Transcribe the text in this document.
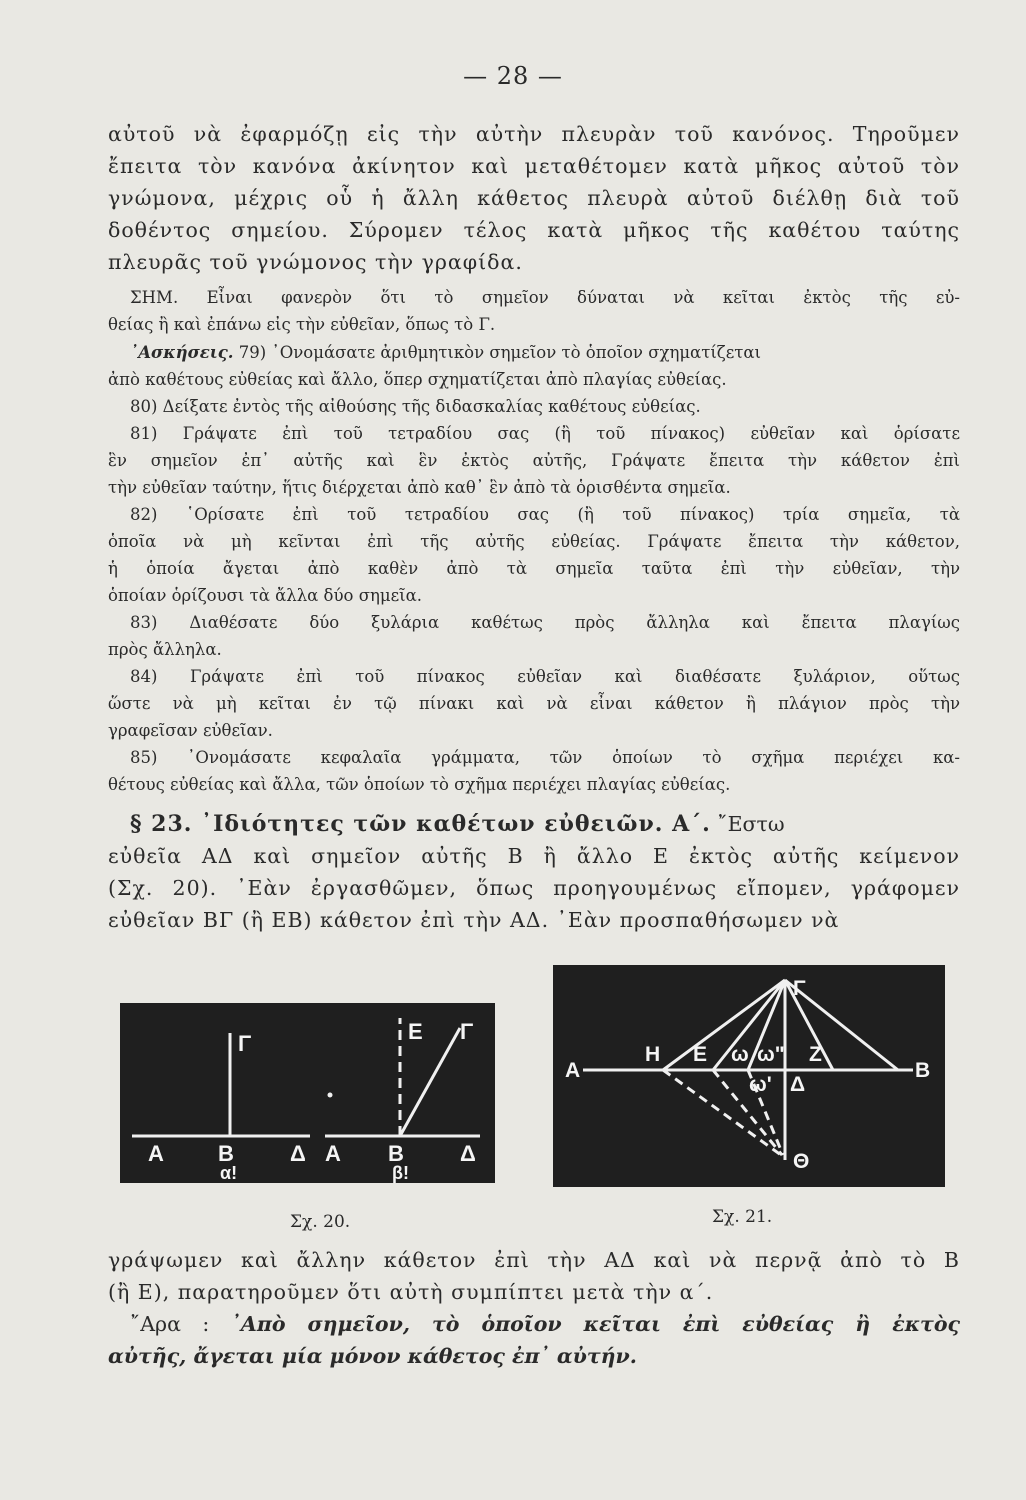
— 28 —
αὐτοῦ νὰ ἐφαρμόζῃ εἰς τὴν αὐτὴν πλευρὰν τοῦ κανόνος. Τηροῦμεν
ἔπειτα τὸν κανόνα ἀκίνητον καὶ μεταθέτομεν κατὰ μῆκος αὐτοῦ τὸν
γνώμονα, μέχρις οὗ ἡ ἄλλη κάθετος πλευρὰ αὐτοῦ διέλθῃ διὰ τοῦ
δοθέντος σημείου. Σύρομεν τέλος κατὰ μῆκος τῆς καθέτου ταύτης
πλευρᾶς τοῦ γνώμονος τὴν γραφίδα.
ΣΗΜ. Εἶναι φανερὸν ὅτι τὸ σημεῖον δύναται νὰ κεῖται ἐκτὸς τῆς εὐ-
θείας ἢ καὶ ἐπάνω εἰς τὴν εὐθεῖαν, ὅπως τὸ Γ.
᾿Ασκήσεις. 79) ᾿Ονομάσατε ἀριθμητικὸν σημεῖον τὸ ὁποῖον σχηματίζεται
ἀπὸ καθέτους εὐθείας καὶ ἄλλο, ὅπερ σχηματίζεται ἀπὸ πλαγίας εὐθείας.
80) Δείξατε ἐντὸς τῆς αἰθούσης τῆς διδασκαλίας καθέτους εὐθείας.
81) Γράψατε ἐπὶ τοῦ τετραδίου σας (ἢ τοῦ πίνακος) εὐθεῖαν καὶ ὁρίσατε
ἓν σημεῖον ἐπ᾿ αὐτῆς καὶ ἓν ἐκτὸς αὐτῆς, Γράψατε ἔπειτα τὴν κάθετον ἐπὶ
τὴν εὐθεῖαν ταύτην, ἥτις διέρχεται ἀπὸ καθ᾿ ἓν ἀπὸ τὰ ὁρισθέντα σημεῖα.
82) ῾Ορίσατε ἐπὶ τοῦ τετραδίου σας (ἢ τοῦ πίνακος) τρία σημεῖα, τὰ
ὁποῖα νὰ μὴ κεῖνται ἐπὶ τῆς αὐτῆς εὐθείας. Γράψατε ἔπειτα τὴν κάθετον,
ἡ ὁποία ἄγεται ἀπὸ καθὲν ἀπὸ τὰ σημεῖα ταῦτα ἐπὶ τὴν εὐθεῖαν, τὴν
ὁποίαν ὁρίζουσι τὰ ἄλλα δύο σημεῖα.
83) Διαθέσατε δύο ξυλάρια καθέτως πρὸς ἄλληλα καὶ ἔπειτα πλαγίως
πρὸς ἄλληλα.
84) Γράψατε ἐπὶ τοῦ πίνακος εὐθεῖαν καὶ διαθέσατε ξυλάριον, οὕτως
ὥστε νὰ μὴ κεῖται ἐν τῷ πίνακι καὶ νὰ εἶναι κάθετον ἢ πλάγιον πρὸς τὴν
γραφεῖσαν εὐθεῖαν.
85) ᾿Ονομάσατε κεφαλαῖα γράμματα, τῶν ὁποίων τὸ σχῆμα περιέχει κα-
θέτους εὐθείας καὶ ἄλλα, τῶν ὁποίων τὸ σχῆμα περιέχει πλαγίας εὐθείας.
§ 23. ᾿Ιδιότητες τῶν καθέτων εὐθειῶν. Α΄. ῎Εστω
εὐθεῖα ΑΔ καὶ σημεῖον αὐτῆς Β ἢ ἄλλο Ε ἐκτὸς αὐτῆς κείμενον
(Σχ. 20). ᾿Εὰν ἐργασθῶμεν, ὅπως προηγουμένως εἴπομεν, γράφομεν
εὐθεῖαν ΒΓ (ἢ ΕΒ) κάθετον ἐπὶ τὴν ΑΔ. ᾿Εὰν προσπαθήσωμεν νὰ
Α Β	Δ
Γ
α!
Α Β	Δ
Ε Γ
β!
Σχ. 20.
Α
Η Ε ω ω" Ζ
Β
Γ
ω' Δ
Θ
Σχ. 21.
γράψωμεν καὶ ἄλλην κάθετον ἐπὶ τὴν ΑΔ καὶ νὰ περνᾷ ἀπὸ τὸ Β
(ἢ Ε), παρατηροῦμεν ὅτι αὐτὴ συμπίπτει μετὰ τὴν α΄.
῎Αρα : ᾿Απὸ σημεῖον, τὸ ὁποῖον κεῖται ἐπὶ εὐθείας ἢ ἐκτὸς
αὐτῆς, ἄγεται μία μόνον κάθετος ἐπ᾿ αὐτήν.
